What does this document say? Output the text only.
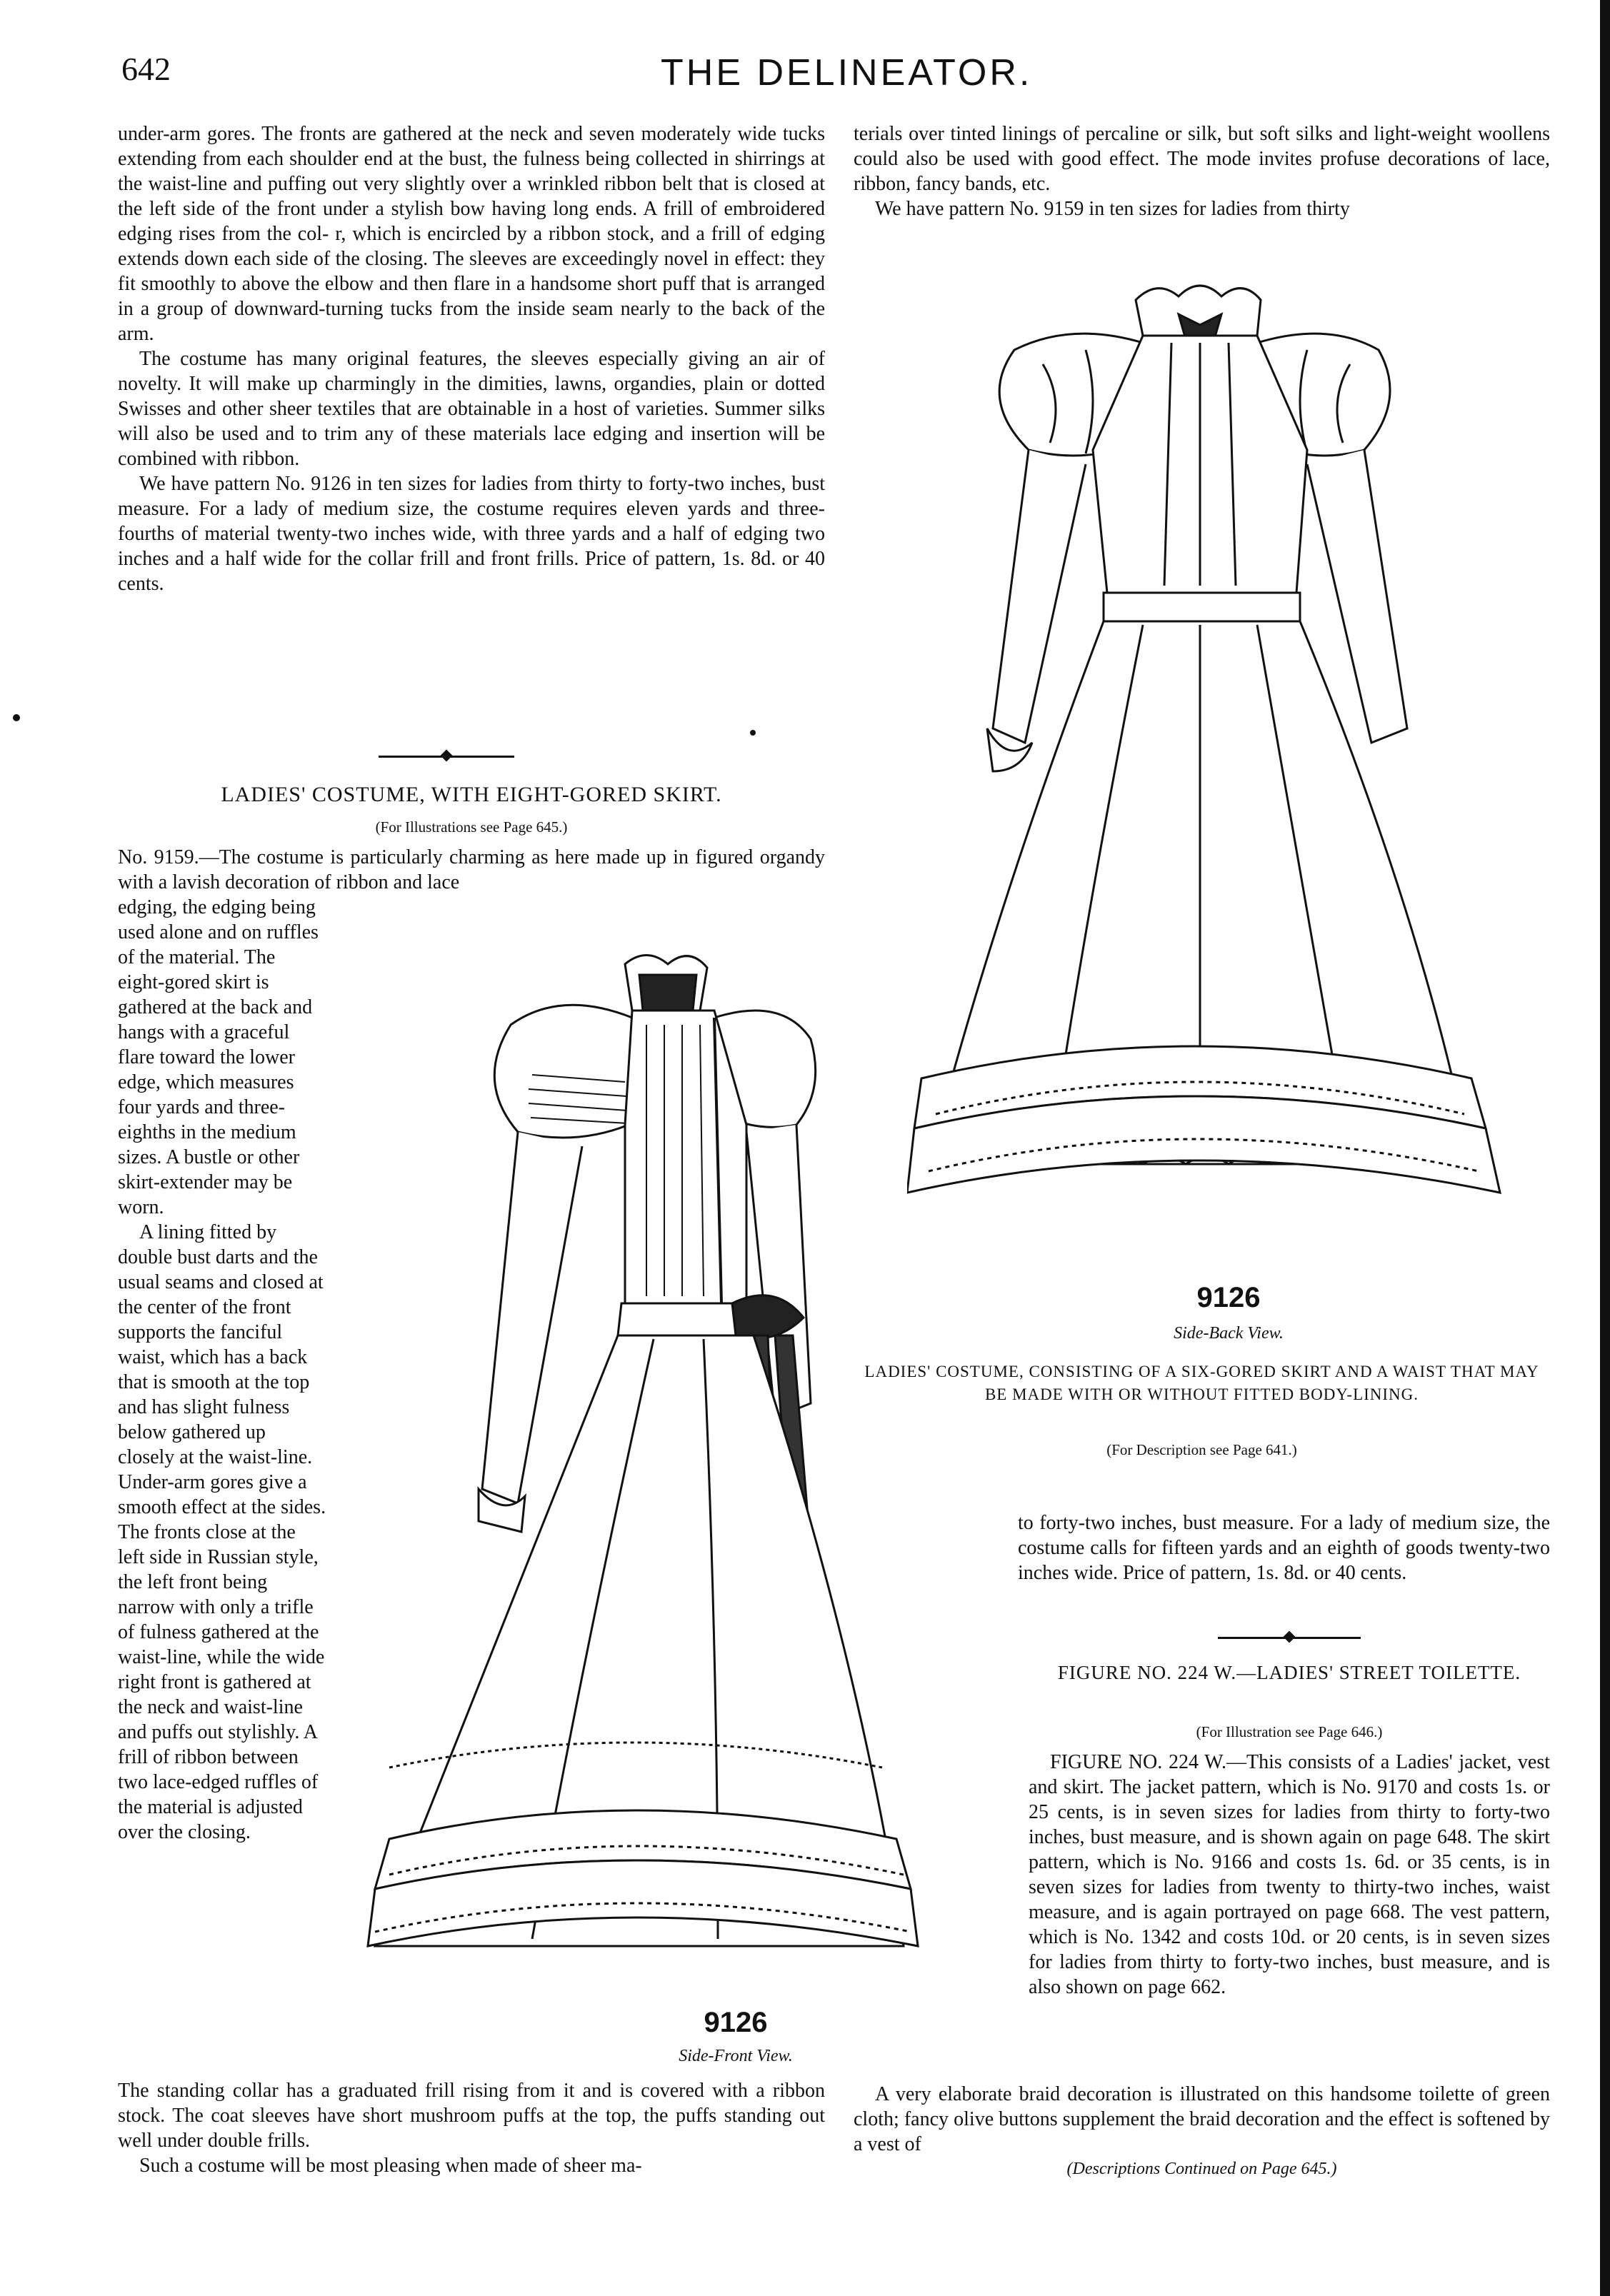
642	THE DELINEATOR.

under-arm gores. The fronts are gathered at the neck and seven moderately wide tucks extending from each shoulder end at the bust, the fulness being collected in shirrings at the waist-line and puffing out very slightly over a wrinkled ribbon belt that is closed at the left side of the front under a stylish bow having long ends. A frill of embroidered edging rises from the col- r, which is encircled by a ribbon stock, and a frill of edging extends down each side of the closing. The sleeves are exceedingly novel in effect: they fit smoothly to above the elbow and then flare in a handsome short puff that is arranged in a group of downward-turning tucks from the inside seam nearly to the back of the arm.

The costume has many original features, the sleeves especially giving an air of novelty. It will make up charmingly in the dimities, lawns, organdies, plain or dotted Swisses and other sheer textiles that are obtainable in a host of varieties. Summer silks will also be used and to trim any of these materials lace edging and insertion will be combined with ribbon.

We have pattern No. 9126 in ten sizes for ladies from thirty to forty-two inches, bust measure. For a lady of medium size, the costume requires eleven yards and three-fourths of material twenty-two inches wide, with three yards and a half of edging two inches and a half wide for the collar frill and front frills. Price of pattern, 1s. 8d. or 40 cents.

LADIES' COSTUME, WITH EIGHT-GORED SKIRT.
(For Illustrations see Page 645.)

No. 9159.—The costume is particularly charming as here made up in figured organdy with a lavish decoration of ribbon and lace

edging, the edging being used alone and on ruffles of the material. The eight-gored skirt is gathered at the back and hangs with a graceful flare toward the lower edge, which measures four yards and three-eighths in the medium sizes. A bustle or other skirt-extender may be worn.

A lining fitted by double bust darts and the usual seams and closed at the center of the front supports the fanciful waist, which has a back that is smooth at the top and has slight fulness below gathered up closely at the waist-line. Under-arm gores give a smooth effect at the sides. The fronts close at the left side in Russian style, the left front being narrow with only a trifle of fulness gathered at the waist-line, while the wide right front is gathered at the neck and waist-line and puffs out stylishly. A frill of ribbon between two lace-edged ruffles of the material is adjusted over the closing.

The standing collar has a graduated frill rising from it and is covered with a ribbon stock. The coat sleeves have short mushroom puffs at the top, the puffs standing out well under double frills.

Such a costume will be most pleasing when made of sheer ma-

terials over tinted linings of percaline or silk, but soft silks and light-weight woollens could also be used with good effect. The mode invites profuse decorations of lace, ribbon, fancy bands, etc.

We have pattern No. 9159 in ten sizes for ladies from thirty

9126
Side-Back View.
LADIES' COSTUME, CONSISTING OF A SIX-GORED SKIRT AND A WAIST THAT MAY BE MADE WITH OR WITHOUT FITTED BODY-LINING.
(For Description see Page 641.)

to forty-two inches, bust measure. For a lady of medium size, the costume calls for fifteen yards and an eighth of goods twenty-two inches wide. Price of pattern, 1s. 8d. or 40 cents.

FIGURE NO. 224 W.—LADIES' STREET TOILETTE.
(For Illustration see Page 646.)

FIGURE NO. 224 W.—This consists of a Ladies' jacket, vest and skirt. The jacket pattern, which is No. 9170 and costs 1s. or 25 cents, is in seven sizes for ladies from thirty to forty-two inches, bust measure, and is shown again on page 648. The skirt pattern, which is No. 9166 and costs 1s. 6d. or 35 cents, is in seven sizes for ladies from twenty to thirty-two inches, waist measure, and is again portrayed on page 668. The vest pattern, which is No. 1342 and costs 10d. or 20 cents, is in seven sizes for ladies from thirty to forty-two inches, bust measure, and is also shown on page 662.

A very elaborate braid decoration is illustrated on this handsome toilette of green cloth; fancy olive buttons supplement the braid decoration and the effect is softened by a vest of

(Descriptions Continued on Page 645.)
9126
Side-Front View.
